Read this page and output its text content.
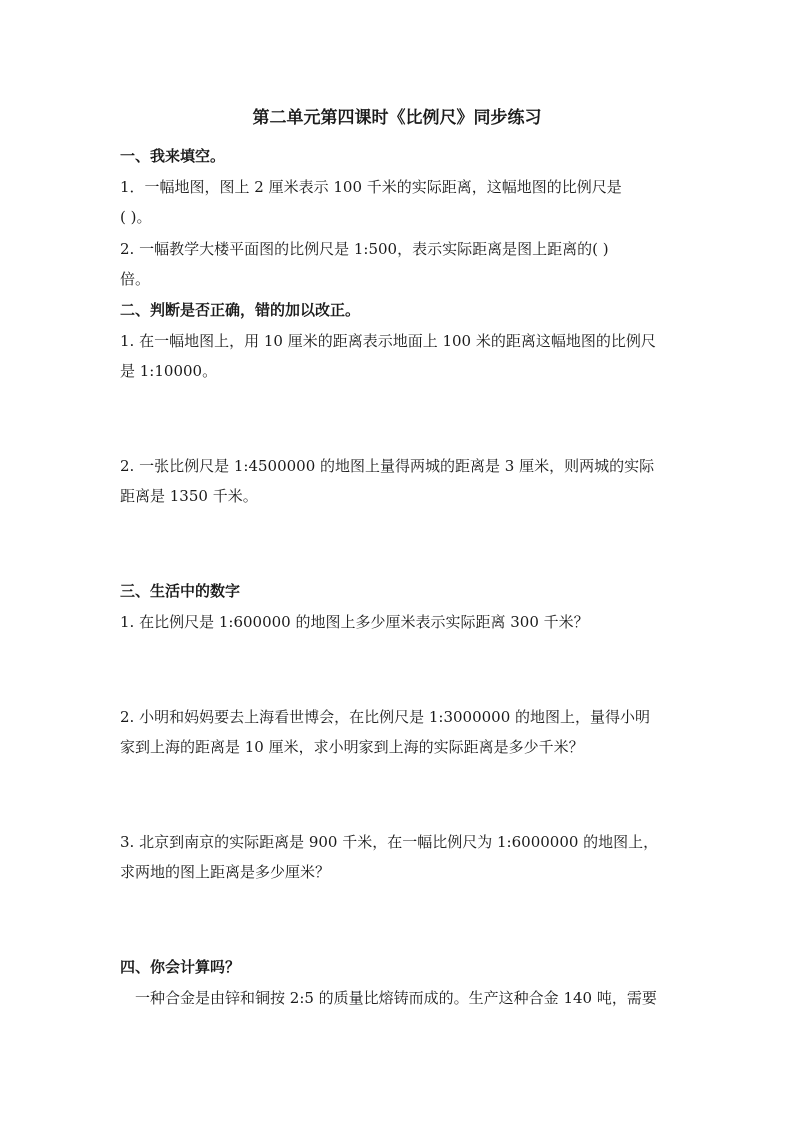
第二单元第四课时《比例尺》同步练习
一、我来填空。
1．一幅地图，图上 2 厘米表示 100 千米的实际距离，这幅地图的比例尺是
( )。
2. 一幅教学大楼平面图的比例尺是 1:500，表示实际距离是图上距离的( )
倍。
二、判断是否正确，错的加以改正。
1. 在一幅地图上，用 10 厘米的距离表示地面上 100 米的距离这幅地图的比例尺
是 1:10000。
2. 一张比例尺是 1:4500000 的地图上量得两城的距离是 3 厘米，则两城的实际
距离是 1350 千米。
三、生活中的数字
1. 在比例尺是 1:600000 的地图上多少厘米表示实际距离 300 千米？
2. 小明和妈妈要去上海看世博会，在比例尺是 1:3000000 的地图上，量得小明
家到上海的距离是 10 厘米，求小明家到上海的实际距离是多少千米？
3. 北京到南京的实际距离是 900 千米，在一幅比例尺为 1:6000000 的地图上，
求两地的图上距离是多少厘米？
四、你会计算吗？
一种合金是由锌和铜按 2:5 的质量比熔铸而成的。生产这种合金 140 吨，需要
